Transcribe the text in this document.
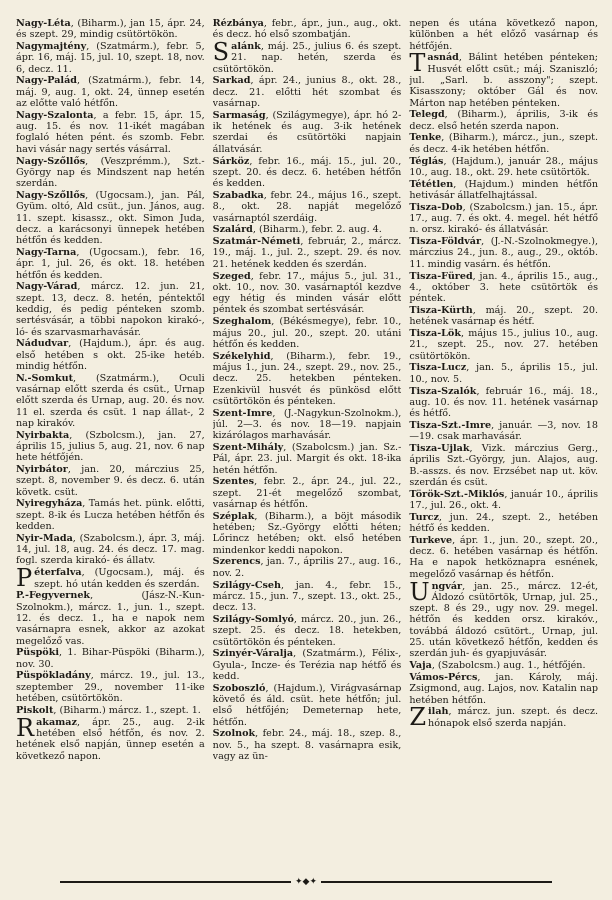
Nagy-Léta, (Biharm.), jan 15, ápr. 24, és szept. 29, mindig csütörtökön.

Nagymajtény, (Szatmárm.), febr. 5, ápr. 16, máj. 15, jul. 10, szept. 18, nov. 6, decz. 11.

Nagy-Palád, (Szatmárm.), febr. 14, máj. 9, aug. 1, okt. 24, ünnep esetén az előtte való hétfőn.

Nagy-Szalonta, a febr. 15, ápr. 15, aug. 15. és nov. 11-ikét magában foglaló héten pént. és szomb. Febr. havi vásár nagy sertés vásárral.

Nagy-Szőllős, (Veszprémm.), Szt.-György nap és Mindszent nap hetén szerdán.

Nagy-Szőllős, (Ugocsam.), jan. Pál, Gyüm. oltó, Ald csüt., jun. János, aug. 11. szept. kisassz., okt. Simon Juda, decz. a karácsonyi ünnepek hetében hétfőn és kedden.

Nagy-Tarna, (Ugocsam.), febr. 16, ápr. 1, jul. 26, és okt. 18. hetében hétfőn és kedden.

Nagy-Várad, márcz. 12. jun. 21, szept. 13, decz. 8. hetén, péntektől keddig, és pedig pénteken szomb. sertésvásár, a többi napokon kirakó-, ló- és szarvasmarhavásár.

Nádudvar, (Hajdum.), ápr. és aug. első hetében s okt. 25-ike hetéb. mindig hétfőn.

N.-Somkut, (Szatmárm.), Oculi vasárnap előtt szerda és csüt., Urnap előtt szerda és Urnap, aug. 20. és nov. 11 el. szerda és csüt. 1 nap állat-, 2 nap kirakóv.

Nyirbakta, (Szbolcsm.), jan. 27, április 15, julius 5, aug. 21, nov. 6 nap hete hétfőjén.

Nyirbátor, jan. 20, márczius 25, szept. 8, november 9. és decz. 6. után követk. csüt.

Nyiregyháza, Tamás het. pünk. előtti, szept. 8-ik és Lucza hetében hétfőn és kedden.

Nyir-Mada, (Szabolcsm.), ápr. 3, máj. 14, jul. 18, aug. 24. és decz. 17. mag. fogl. szerda kirakó- és állatv.

Péterfalva, (Ugocsam.), máj. és szept. hó után kedden és szerdán.

P.-Fegyvernek, (Jász-N.-Kun-Szolnokm.), márcz. 1., jun. 1., szept. 12. és decz. 1., ha e napok nem vasárnapra esnek, akkor az azokat megelőző vas.

Püspöki, 1. Bihar-Püspöki (Biharm.), nov. 30.

Püspökladány, márcz. 19., jul. 13., szeptember 29., november 11-ike hetében, csütörtökön.

Piskolt, (Biharm.) márcz. 1., szept. 1.

Rakamaz, ápr. 25., aug. 2-ik hetében első hétfőn, és nov. 2. hetének első napján, ünnep esetén a következő napon.

Rézbánya, febr., ápr., jun., aug., okt. és decz. hó első szombatján.

Salánk, máj. 25., julius 6. és szept. 21. nap. hetén, szerda és csütörtökön.

Sarkad, ápr. 24., junius 8., okt. 28., decz. 21. előtti hét szombat és vasárnap.

Sarmaság, (Szilágymegye), ápr. hó 2-ik hetének és aug. 3-ik hetének szerdai és csütörtöki napjain állatvásár.

Sárköz, febr. 16., máj. 15., jul. 20., szept. 20. és decz. 6. hetében hétfőn és kedden.

Szabadka, febr. 24., május 16., szept. 8., okt. 28. napját megelőző vasárnaptól szerdáig.

Szalárd, (Biharm.), febr. 2. aug. 4.

Szatmár-Németi, február, 2., márcz. 19., máj. 1., jul. 2., szept. 29. és nov. 21. hetének kedden és szerdán.

Szeged, febr. 17., május 5., jul. 31., okt. 10., nov. 30. vasárnaptól kezdve egy hétig és minden vásár előtt péntek és szombat sertésvásár.

Szeghalom, (Békésmegye), febr. 10., május 20., jul. 20., szept. 20. utáni hétfőn és kedden.

Székelyhid, (Biharm.), febr. 19., május 1., jun. 24., szept. 29., nov. 25., decz. 25. hetekben pénteken. Ezenkivül husvét és pünkösd előtt csütörtökön és pénteken.

Szent-Imre, (J.-Nagykun-Szolnokm.), júl. 2—3. és nov. 18—19. napjain kizárólagos marhavásár.

Szent-Mihály, (Szabolcsm.) jan. Sz.-Pál, ápr. 23. jul. Margit és okt. 18-ika hetén hétfőn.

Szentes, febr. 2., ápr. 24., jul. 22., szept. 21-ét megelőző szombat, vasárnap és hétfőn.

Széplak, (Biharm.), a böjt második hetében; Sz.-György előtti héten; Lőrincz hetében; okt. első hetében mindenkor keddi napokon.

Szerencs, jan. 7., április 27., aug. 16., nov. 2.

Szilágy-Cseh, jan. 4., febr. 15., márcz. 15., jun. 7., szept. 13., okt. 25., decz. 13.

Szilágy-Somlyó, márcz. 20., jun. 26., szept. 25. és decz. 18. hetekben, csütörtökön és pénteken.

Szinyér-Váralja, (Szatmárm.), Félix-, Gyula-, Incze- és Terézia nap hétfő és kedd.

Szoboszló, (Hajdum.), Virágvasárnap követő és áld. csüt. hete hétfőn; jul. első hétfőjén; Demeternap hete, hétfőn.

Szolnok, febr. 24., máj. 18., szep. 8., nov. 5., ha szept. 8. vasárnapra esik, vagy az ün-

nepen és utána következő napon, különben a hét előző vasárnap és hétfőjén.

Tasnád, Bálint hetében pénteken; Husvét előtt csüt.; máj. Szaniszló; jul. „Sarl. b. asszony"; szept. Kisasszony; október Gál és nov. Márton nap hetében pénteken.

Telegd, (Biharm.), április, 3-ik és decz. első hetén szerda napon.

Tenke, (Biharm.), márcz., jun., szept. és decz. 4-ik hetében hétfőn.

Téglás, (Hajdum.), január 28., május 10., aug. 18., okt. 29. hete csütörtök.

Tététlen, (Hajdum.) minden hétfőn hetivásár állatfelhajtással.

Tisza-Dob, (Szabolcsm.) jan. 15., ápr. 17., aug. 7. és okt. 4. megel. hét hétfő n. orsz. kirakó- és állatvásár.

Tisza-Földvár, (J.-N.-Szolnokmegye.), márczius 24., jun. 8., aug., 29., októb. 11. mindig vasárn. és hétfőn.

Tisza-Füred, jan. 4., április 15., aug., 4., október 3. hete csütörtök és péntek.

Tisza-Kürth, máj. 20., szept. 20. hetének vasárnap és hétf.

Tisza-Lök, május 15., julius 10., aug. 21., szept. 25., nov. 27. hetében csütörtökön.

Tisza-Lucz, jan. 5., április 15., jul. 10., nov. 5.

Tisza-Szalók, február 16., máj. 18., aug. 10. és nov. 11. hetének vasárnap és hétfő.

Tisza-Szt.-Imre, január. —3, nov. 18—19. csak marhavásár.

Tisza-Ujlak, Vizk. márczius Gerg., április Szt.-György, jun. Alajos, aug. B.-asszs. és nov. Erzsébet nap ut. köv. szerdán és csüt.

Török-Szt.-Miklós, január 10., április 17., jul. 26., okt. 4.

Turcz, jun. 24., szept. 2., hetében hétfő és kedden.

Turkeve, ápr. 1., jun. 20., szept. 20., decz. 6. hetében vasárnap és hétfőn. Ha e napok hetköznapra esnének, megelőző vasárnap és hétfőn.

Ungvár, jan. 25., márcz. 12-ét, Áldozó csütörtök, Urnap, jul. 25., szept. 8 és 29., ugy nov. 29. megel. hétfőn és kedden orsz. kirakóv., továbbá áldozó csütört., Urnap, jul. 25. után következő hétfőn, kedden és szerdán juh- és gyapjuvásár.

Vaja, (Szabolcsm.) aug. 1., hétfőjén.

Vámos-Pércs, jan. Károly, máj. Zsigmond, aug. Lajos, nov. Katalin nap hetében hétfőn.

Zilah, márcz. jun. szept. és decz. hónapok első szerda napján.

✦◆✦
